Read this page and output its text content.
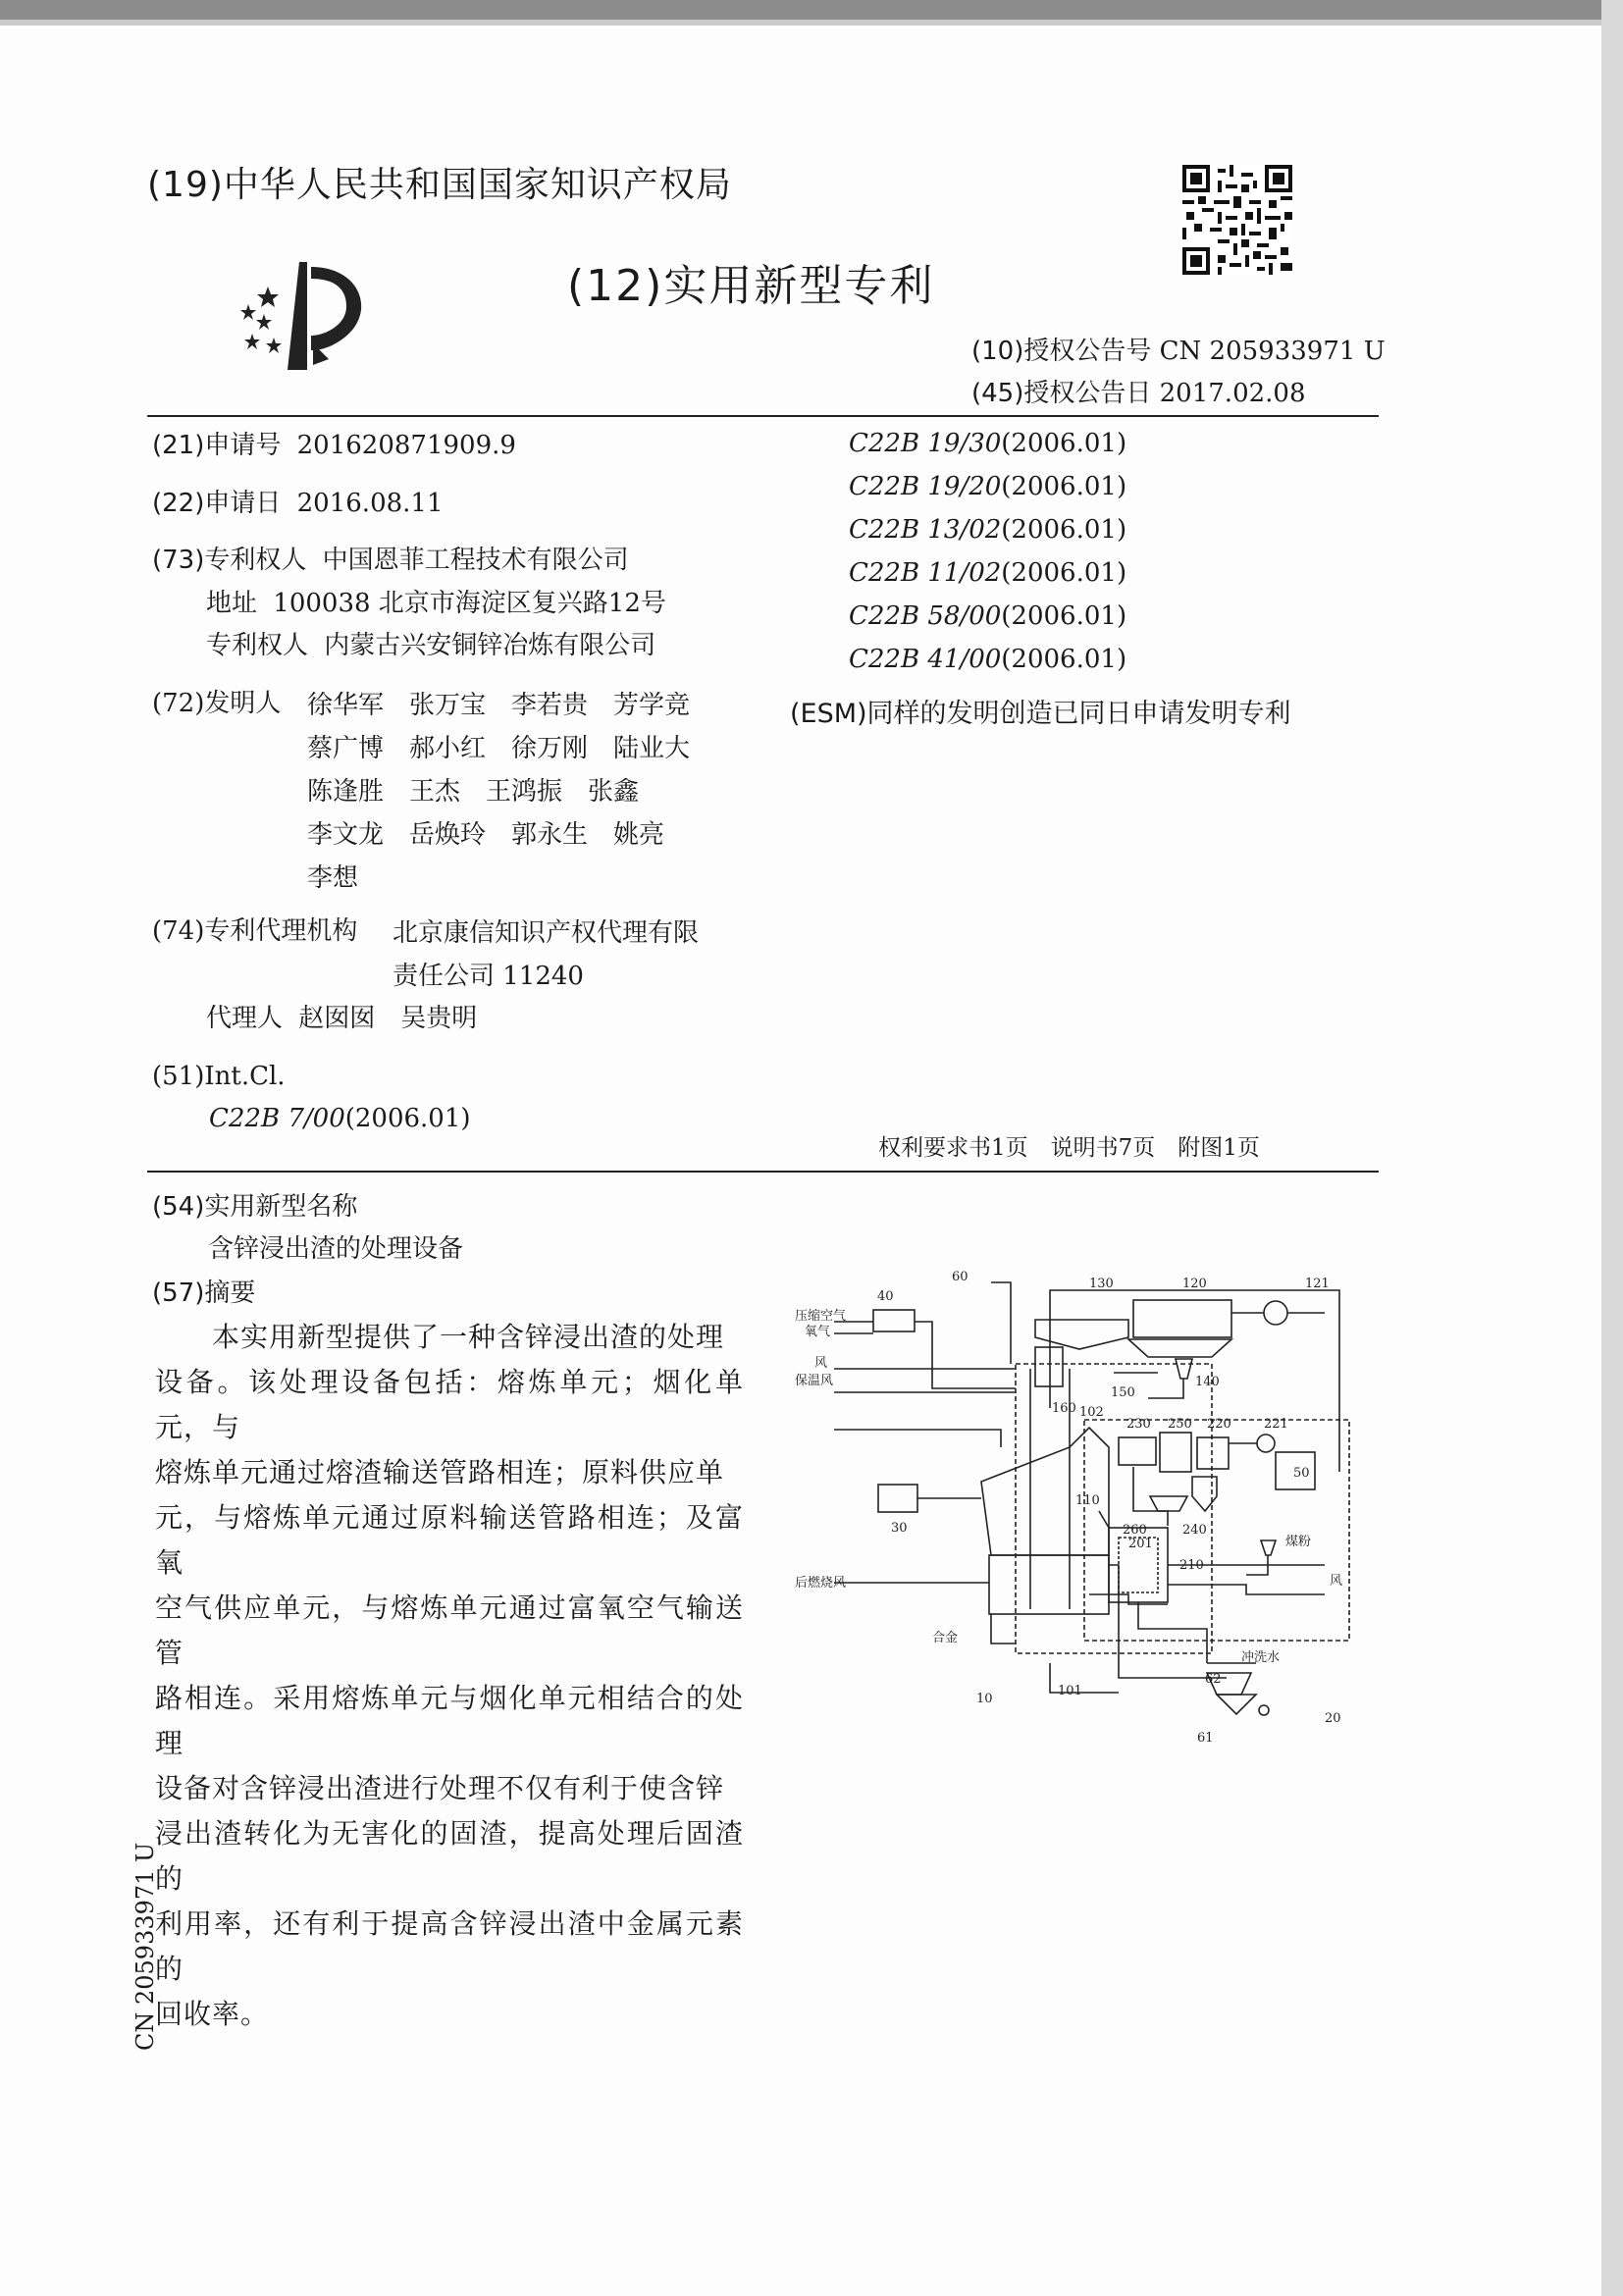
(19)中华人民共和国国家知识产权局
(12)实用新型专利
(10)授权公告号 CN 205933971 U
(45)授权公告日 2017.02.08
(21)申请号 201620871909.9
(22)申请日 2016.08.11
(73)专利权人 中国恩菲工程技术有限公司
地址 100038 北京市海淀区复兴路12号
专利权人 内蒙古兴安铜锌冶炼有限公司
(72)发明人 徐华军　张万宝　李若贵　芳学竞
蔡广博　郝小红　徐万刚　陆业大
陈逢胜　王杰　王鸿振　张鑫
李文龙　岳焕玲　郭永生　姚亮
李想
(74)专利代理机构 北京康信知识产权代理有限
责任公司 11240
代理人 赵囡囡　吴贵明
(51)Int.Cl.
C22B 7/00(2006.01)
C22B 19/30(2006.01)
C22B 19/20(2006.01)
C22B 13/02(2006.01)
C22B 11/02(2006.01)
C22B 58/00(2006.01)
C22B 41/00(2006.01)
(ESM)同样的发明创造已同日申请发明专利
权利要求书1页　说明书7页　附图1页
(54)实用新型名称
含锌浸出渣的处理设备
(57)摘要
　　本实用新型提供了一种含锌浸出渣的处理
设备。该处理设备包括：熔炼单元；烟化单元，与
熔炼单元通过熔渣输送管路相连；原料供应单
元，与熔炼单元通过原料输送管路相连；及富氧
空气供应单元，与熔炼单元通过富氧空气输送管
路相连。采用熔炼单元与烟化单元相结合的处理
设备对含锌浸出渣进行处理不仅有利于使含锌
浸出渣转化为无害化的固渣，提高处理后固渣的
利用率，还有利于提高含锌浸出渣中金属元素的
回收率。
CN 205933971 U
60
40
130	120	121
150
140
160 102
30
230 250 220	221
50
110
260
201
240
210
101
10
20
62
61
压缩空气
氧气
风
保温风
后燃烧风
合金
煤粉
风
冲洗水
